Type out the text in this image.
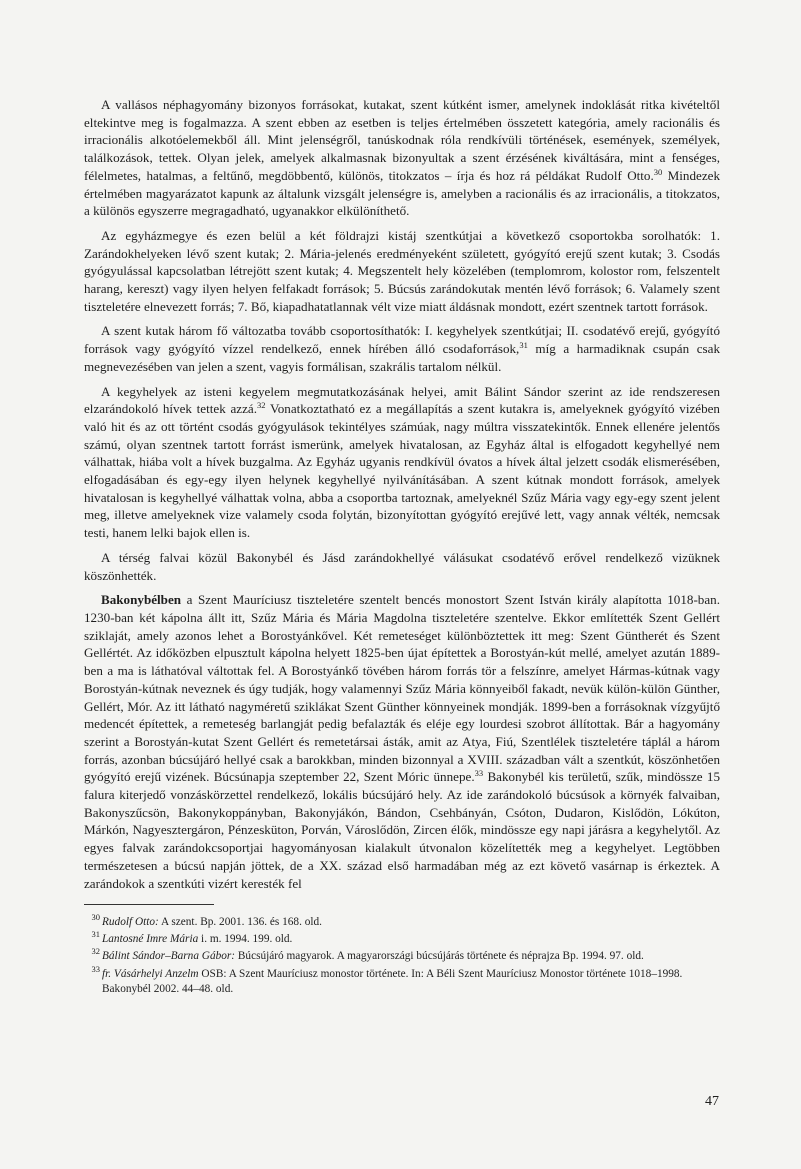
A vallásos néphagyomány bizonyos forrásokat, kutakat, szent kútként ismer, amelynek indoklását ritka kivételtől eltekintve meg is fogalmazza. A szent ebben az esetben is teljes értelmében összetett kategória, amely racionális és irracionális alkotóelemekből áll. Mint jelenségről, tanúskodnak róla rendkívüli történések, események, személyek, találkozások, tettek. Olyan jelek, amelyek alkalmasnak bizonyultak a szent érzésének kiváltására, mint a fenséges, félelmetes, hatalmas, a feltűnő, megdöbbentő, különös, titokzatos – írja és hoz rá példákat Rudolf Otto.$^{30}$ Mindezek értelmében magyarázatot kapunk az általunk vizsgált jelenségre is, amelyben a racionális és az irracionális, a titokzatos, a különös egyszerre megragadható, ugyanakkor elkülöníthető.

Az egyházmegye és ezen belül a két földrajzi kistáj szentkútjai a következő csoportokba sorolhatók: 1. Zarándokhelyeken lévő szent kutak; 2. Mária-jelenés eredményeként született, gyógyító erejű szent kutak; 3. Csodás gyógyulással kapcsolatban létrejött szent kutak; 4. Megszentelt hely közelében (templomrom, kolostor rom, felszentelt harang, kereszt) vagy ilyen helyen felfakadt források; 5. Búcsús zarándokutak mentén lévő források; 6. Valamely szent tiszteletére elnevezett forrás; 7. Bő, kiapadhatatlannak vélt vize miatt áldásnak mondott, ezért szentnek tartott források.

A szent kutak három fő változatba tovább csoportosíthatók: I. kegyhelyek szentkútjai; II. csodatévő erejű, gyógyító források vagy gyógyító vízzel rendelkező, ennek hírében álló csodaforrások,$^{31}$ míg a harmadiknak csupán csak megnevezésében van jelen a szent, vagyis formálisan, szakrális tartalom nélkül.

A kegyhelyek az isteni kegyelem megmutatkozásának helyei, amit Bálint Sándor szerint az ide rendszeresen elzarándokoló hívek tettek azzá.$^{32}$ Vonatkoztatható ez a megállapítás a szent kutakra is, amelyeknek gyógyító vizében való hit és az ott történt csodás gyógyulások tekintélyes számúak, nagy múltra visszatekintők. Ennek ellenére jelentős számú, olyan szentnek tartott forrást ismerünk, amelyek hivatalosan, az Egyház által is elfogadott kegyhellyé nem válhattak, hiába volt a hívek buzgalma. Az Egyház ugyanis rendkívül óvatos a hívek által jelzett csodák elismerésében, elfogadásában és egy-egy ilyen helynek kegyhellyé nyilvánításában. A szent kútnak mondott források, amelyek hivatalosan is kegyhellyé válhattak volna, abba a csoportba tartoznak, amelyeknél Szűz Mária vagy egy-egy szent jelent meg, illetve amelyeknek vize valamely csoda folytán, bizonyítottan gyógyító erejűvé lett, vagy annak vélték, nemcsak testi, hanem lelki bajok ellen is.

A térség falvai közül Bakonybél és Jásd zarándokhellyé válásukat csodatévő erővel rendelkező vizüknek köszönhették.

Bakonybélben a Szent Mauríciusz tiszteletére szentelt bencés monostort Szent István király alapította 1018-ban. 1230-ban két kápolna állt itt, Szűz Mária és Mária Magdolna tiszteletére szentelve. Ekkor említették Szent Gellért sziklaját, amely azonos lehet a Borostyánkővel. Két remeteséget különböztettek itt meg: Szent Güntherét és Szent Gellértét. Az időközben elpusztult kápolna helyett 1825-ben újat építettek a Borostyán-kút mellé, amelyet azután 1889-ben a ma is láthatóval váltottak fel. A Borostyánkő tövében három forrás tör a felszínre, amelyet Hármas-kútnak vagy Borostyán-kútnak neveznek és úgy tudják, hogy valamennyi Szűz Mária könnyeiből fakadt, nevük külön-külön Günther, Gellért, Mór. Az itt látható nagyméretű sziklákat Szent Günther könnyeinek mondják. 1899-ben a forrásoknak vízgyűjtő medencét építettek, a remeteség barlangját pedig befalazták és eléje egy lourdesi szobrot állítottak. Bár a hagyomány szerint a Borostyán-kutat Szent Gellért és remetetársai ásták, amit az Atya, Fiú, Szentlélek tiszteletére táplál a három forrás, azonban búcsújáró hellyé csak a barokkban, minden bizonnyal a XVIII. században vált a szentkút, köszönhetően gyógyító erejű vizének. Búcsúnapja szeptember 22, Szent Móric ünnepe.$^{33}$ Bakonybél kis területű, szűk, mindössze 15 falura kiterjedő vonzáskörzettel rendelkező, lokális búcsújáró hely. Az ide zarándokoló búcsúsok a környék falvaiban, Bakonyszűcsön, Bakonykoppányban, Bakonyjákón, Bándon, Csehbányán, Csóton, Dudaron, Kislődön, Lókúton, Márkón, Nagyesztergáron, Pénzesküton, Porván, Városlődön, Zircen élők, mindössze egy napi járásra a kegyhelytől. Az egyes falvak zarándokcsoportjai hagyományosan kialakult útvonalon közelítették meg a kegyhelyet. Legtöbben természetesen a búcsú napján jöttek, de a XX. század első harmadában még az ezt követő vasárnap is érkeztek. A zarándokok a szentkúti vizért keresték fel

$^{30}$ Rudolf Otto: A szent. Bp. 2001. 136. és 168. old.

$^{31}$ Lantosné Imre Mária i. m. 1994. 199. old.

$^{32}$ Bálint Sándor–Barna Gábor: Búcsújáró magyarok. A magyarországi búcsújárás története és néprajza Bp. 1994. 97. old.

$^{33}$ fr. Vásárhelyi Anzelm OSB: A Szent Mauríciusz monostor története. In: A Béli Szent Mauríciusz Monostor története 1018–1998. Bakonybél 2002. 44–48. old.

47
